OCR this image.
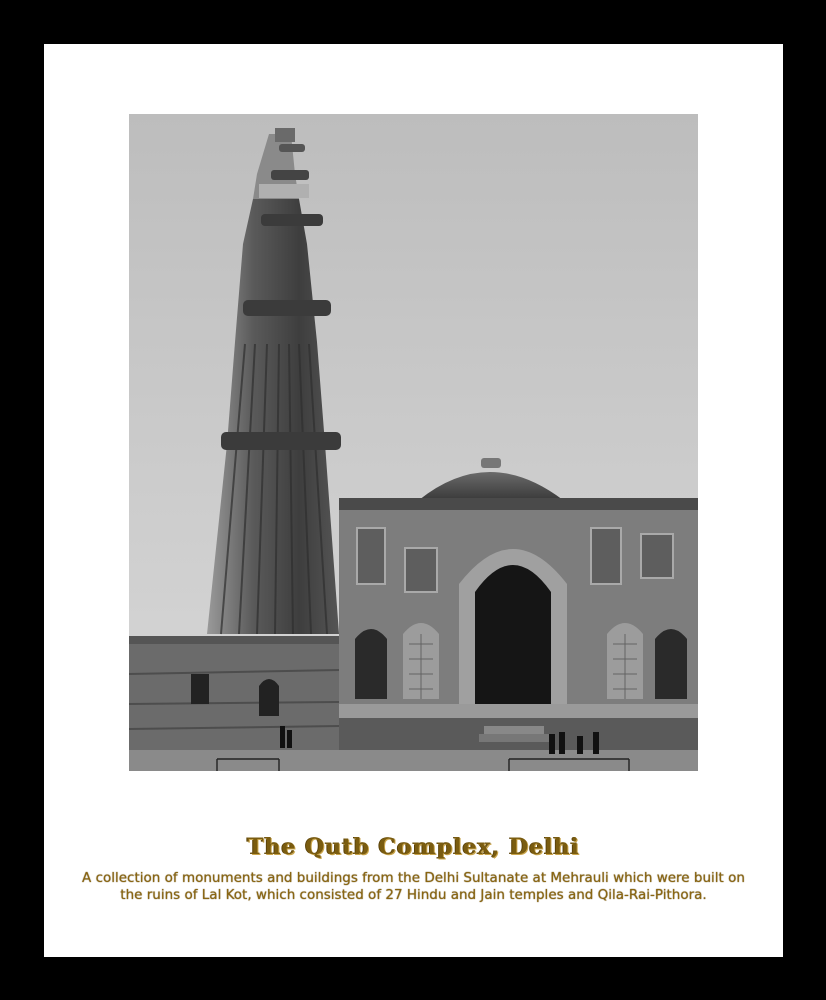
The Qutb Complex, Delhi
A collection of monuments and buildings from the Delhi Sultanate at Mehrauli which were built on the ruins of Lal Kot, which consisted of 27 Hindu and Jain temples and Qila-Rai-Pithora.
